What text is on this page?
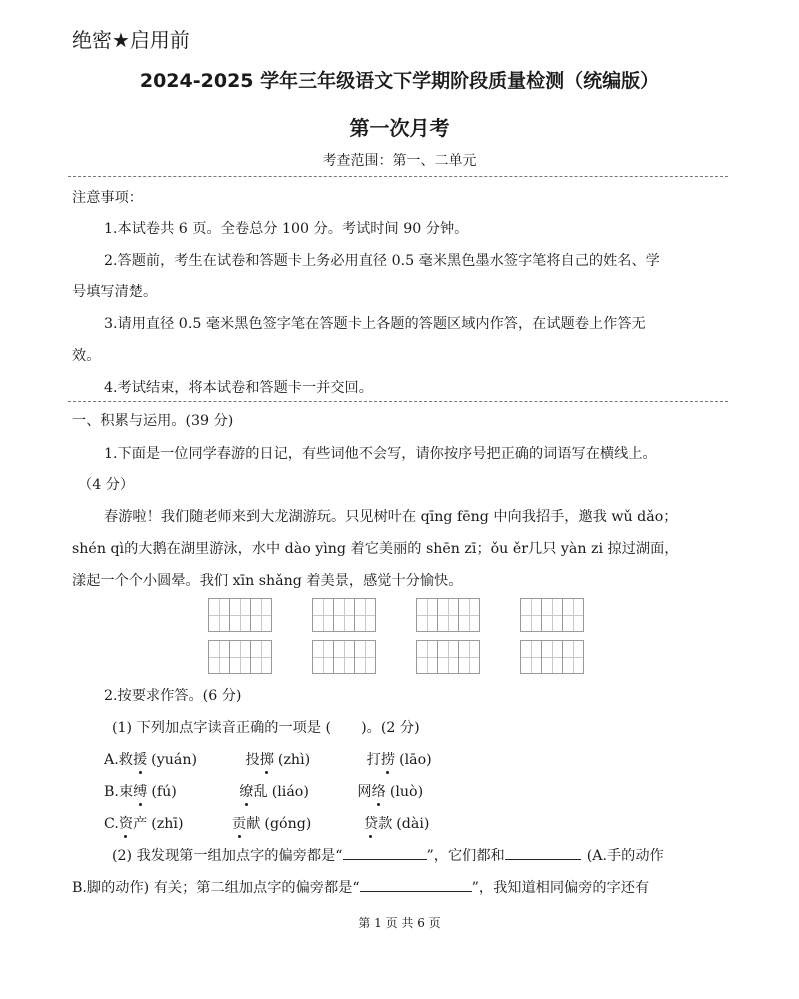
绝密★启用前
2024-2025 学年三年级语文下学期阶段质量检测（统编版）
第一次月考
考查范围：第一、二单元
注意事项：
1.本试卷共 6 页。全卷总分 100 分。考试时间 90 分钟。
2.答题前，考生在试卷和答题卡上务必用直径 0.5 毫米黑色墨水签字笔将自己的姓名、学
号填写清楚。
3.请用直径 0.5 毫米黑色签字笔在答题卡上各题的答题区域内作答，在试题卷上作答无
效。
4.考试结束，将本试卷和答题卡一并交回。
一、积累与运用。(39 分)
1.下面是一位同学春游的日记，有些词他不会写，请你按序号把正确的词语写在横线上。
（4 分）
春游啦！我们随老师来到大龙湖游玩。只见树叶在 qīng fēng 中向我招手，邀我 wǔ dǎo；
shén qì的大鹅在湖里游泳，水中 dào yìng 着它美丽的 shēn zī；ǒu ěr几只 yàn zi 掠过湖面，
漾起一个个小圆晕。我们 xīn shǎng 着美景，感觉十分愉快。
2.按要求作答。(6 分)
(1) 下列加点字读音正确的一项是 ( )。(2 分)
A.救援 (yuán)	投掷 (zhì)	打捞 (lāo)
B.束缚 (fú)	缭乱 (liáo)	网络 (luò)
C.资产 (zhī)	贡献 (góng)	贷款 (dài)
(2) 我发现第一组加点字的偏旁都是“	”，它们都和	(A.手的动作
B.脚的动作) 有关；第二组加点字的偏旁都是“	”，我知道相同偏旁的字还有
第 1 页 共 6 页
